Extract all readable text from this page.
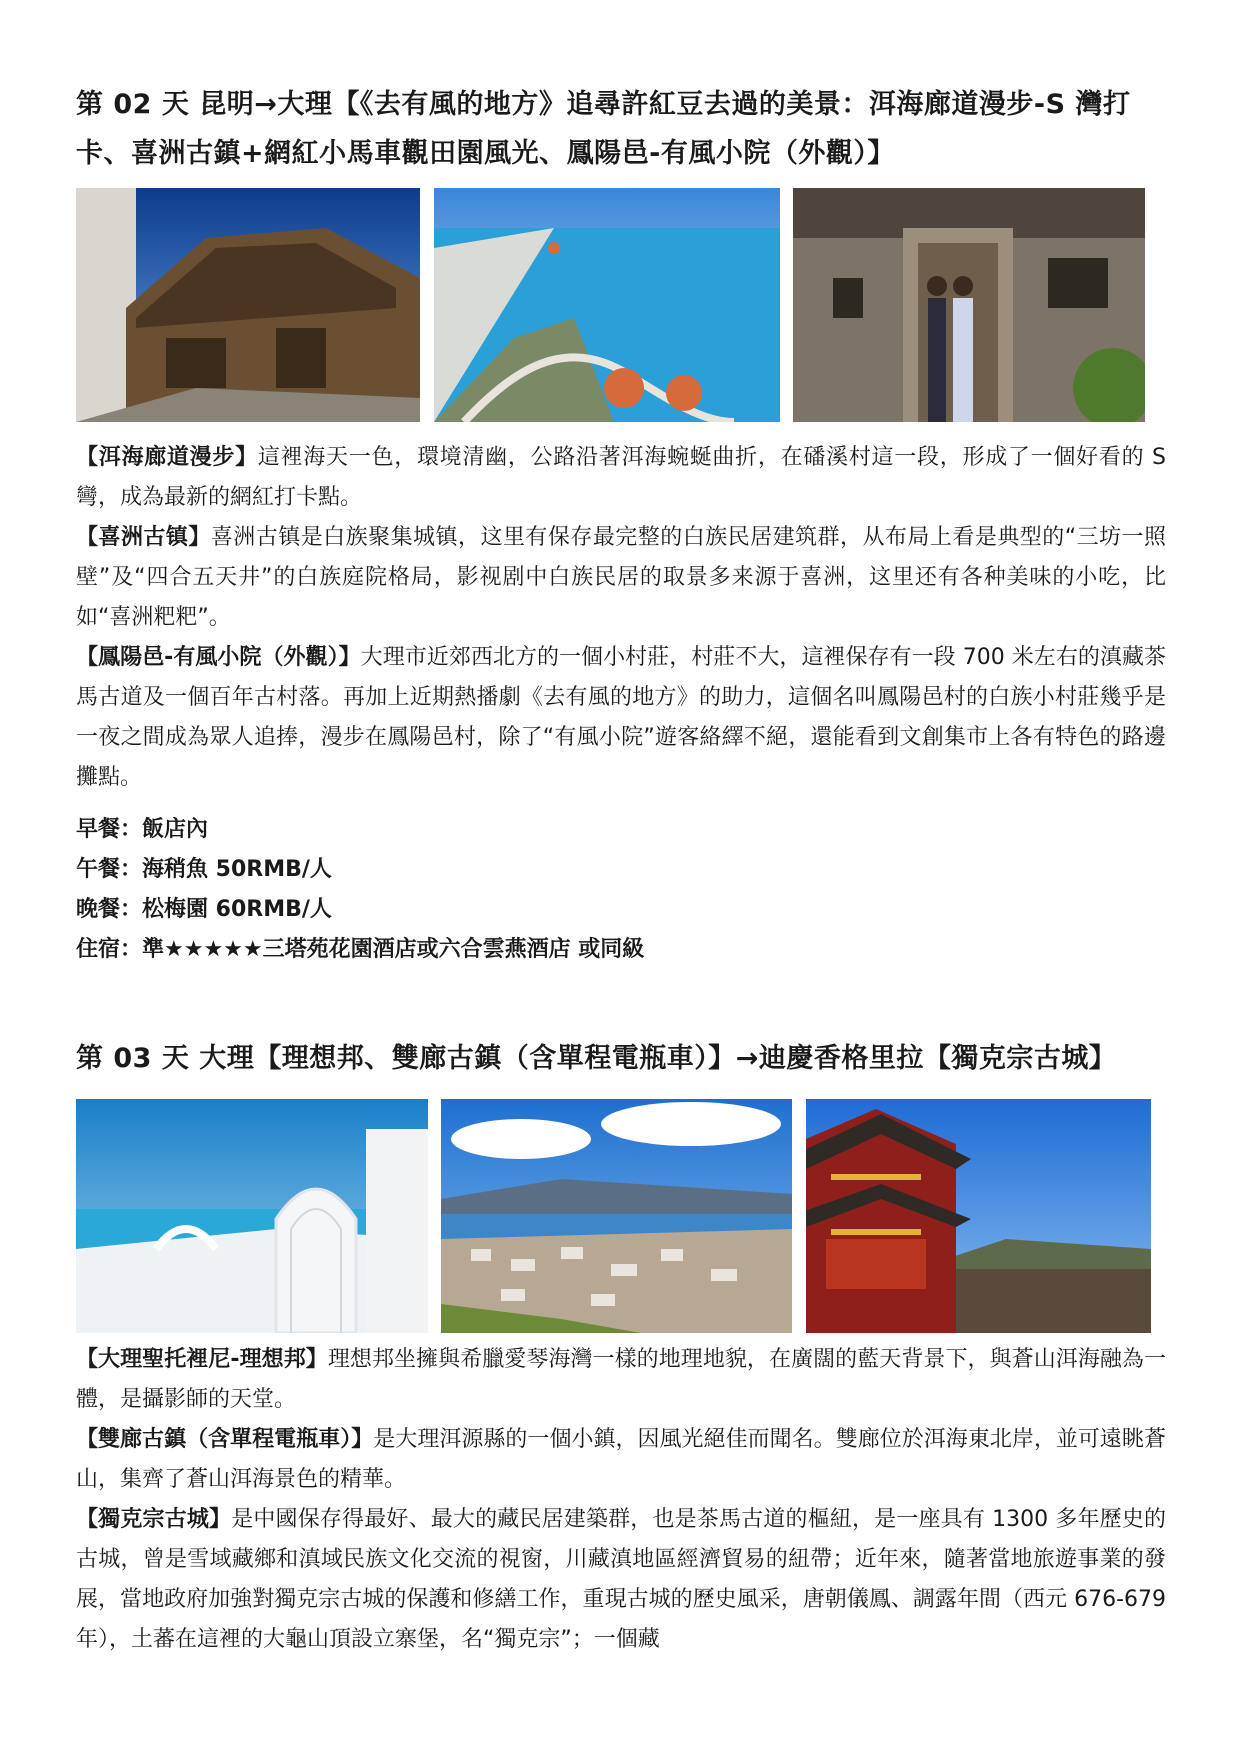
第 02 天 昆明→大理【《去有風的地方》追尋許紅豆去過的美景：洱海廊道漫步-S 灣打卡、喜洲古鎮+網紅小馬車觀田園風光、鳳陽邑-有風小院（外觀）】
【洱海廊道漫步】這裡海天一色，環境清幽，公路沿著洱海蜿蜒曲折，在磻溪村這一段，形成了一個好看的 S 彎，成為最新的網紅打卡點。
【喜洲古镇】喜洲古镇是白族聚集城镇，这里有保存最完整的白族民居建筑群，从布局上看是典型的“三坊一照壁”及“四合五天井”的白族庭院格局，影视剧中白族民居的取景多来源于喜洲，这里还有各种美味的小吃，比如“喜洲粑粑”。
【鳳陽邑-有風小院（外觀）】大理市近郊西北方的一個小村莊，村莊不大，這裡保存有一段 700 米左右的滇藏茶馬古道及一個百年古村落。再加上近期熱播劇《去有風的地方》的助力，這個名叫鳳陽邑村的白族小村莊幾乎是一夜之間成為眾人追捧，漫步在鳳陽邑村，除了“有風小院”遊客絡繹不絕，還能看到文創集市上各有特色的路邊攤點。
早餐：飯店內
午餐：海稍魚 50RMB/人
晚餐：松梅園 60RMB/人
住宿：準★★★★★三塔苑花園酒店或六合雲燕酒店 或同級
第 03 天 大理【理想邦、雙廊古鎮（含單程電瓶車）】→迪慶香格里拉【獨克宗古城】
【大理聖托裡尼-理想邦】理想邦坐擁與希臘愛琴海灣一樣的地理地貌，在廣闊的藍天背景下，與蒼山洱海融為一體，是攝影師的天堂。
【雙廊古鎮（含單程電瓶車）】是大理洱源縣的一個小鎮，因風光絕佳而聞名。雙廊位於洱海東北岸，並可遠眺蒼山，集齊了蒼山洱海景色的精華。
【獨克宗古城】是中國保存得最好、最大的藏民居建築群，也是茶馬古道的樞紐，是一座具有 1300 多年歷史的古城，曾是雪域藏鄉和滇域民族文化交流的視窗，川藏滇地區經濟貿易的紐帶；近年來，隨著當地旅遊事業的發展，當地政府加強對獨克宗古城的保護和修繕工作，重現古城的歷史風采，唐朝儀鳳、調露年間（西元 676-679 年），土蕃在這裡的大龜山頂設立寨堡，名“獨克宗”；一個藏
